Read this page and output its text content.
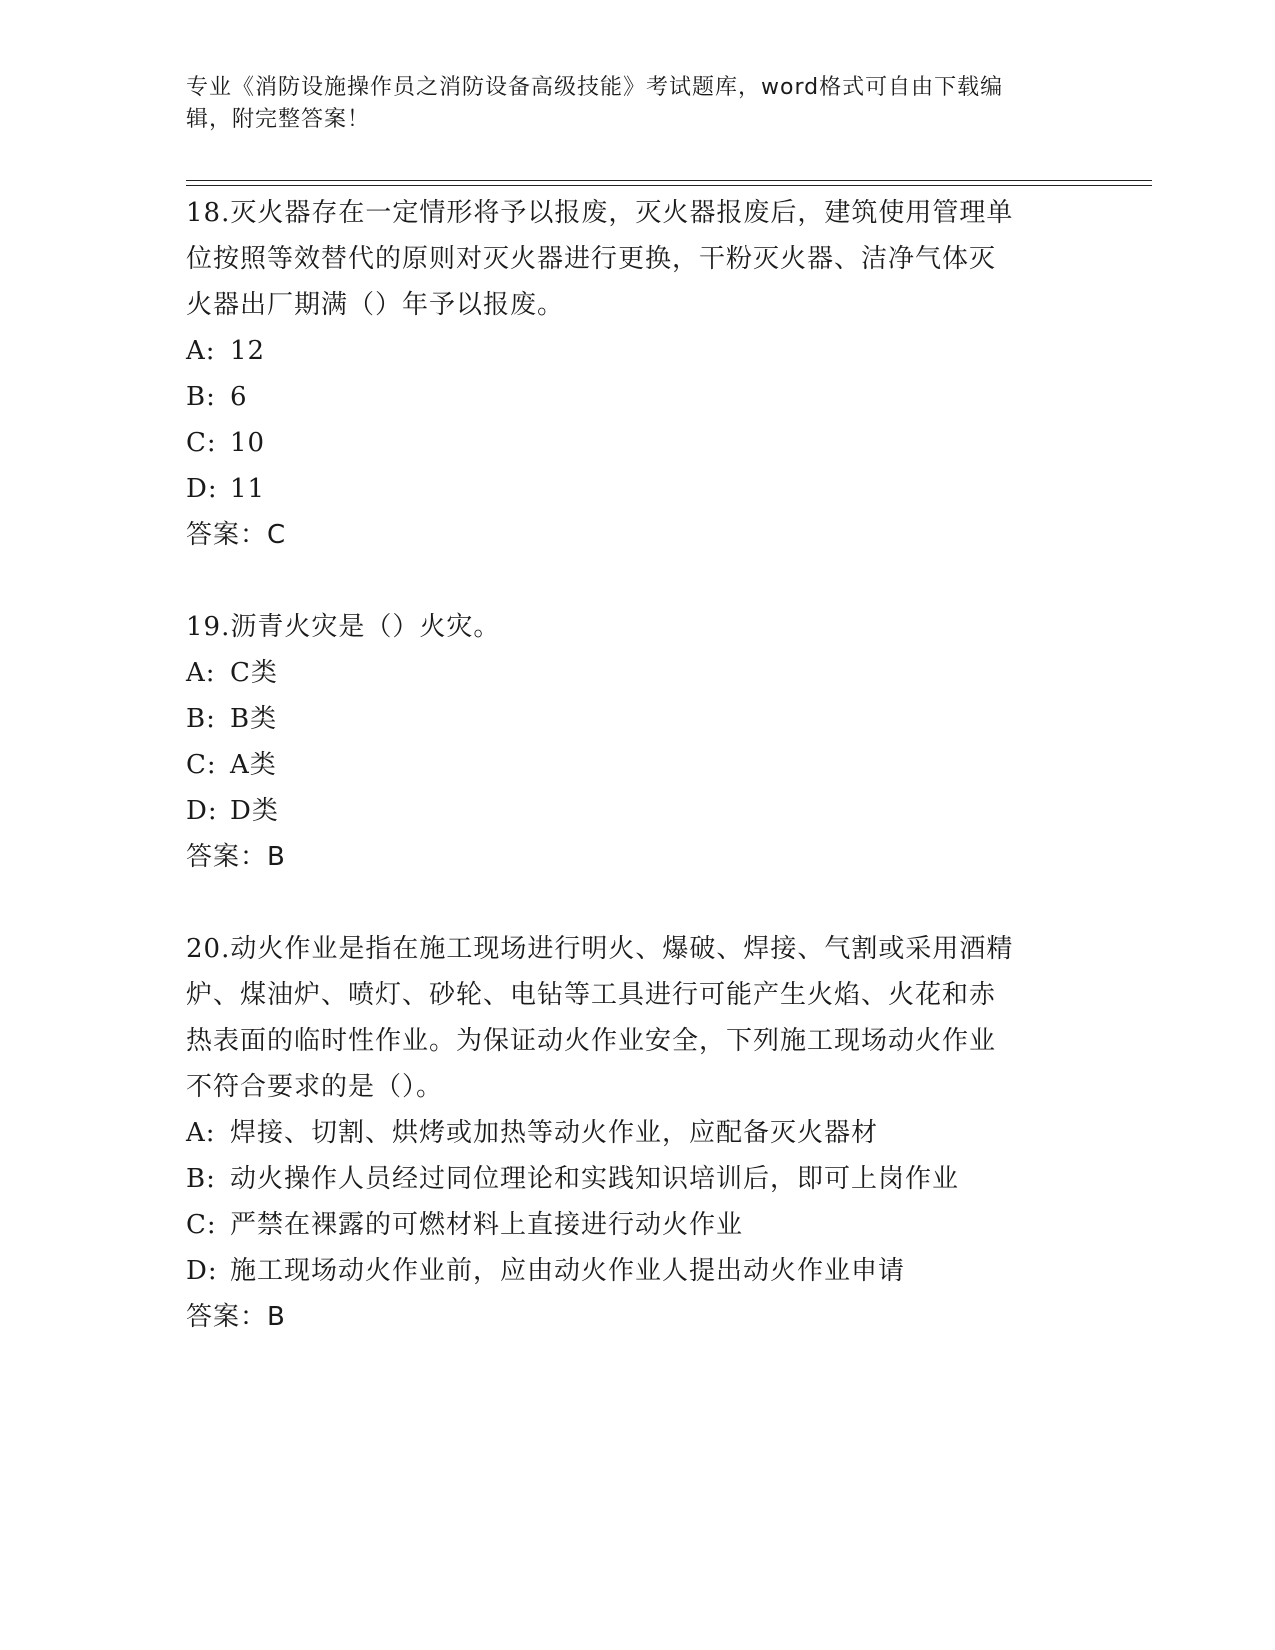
专业《消防设施操作员之消防设备高级技能》考试题库，word格式可自由下载编
辑，附完整答案！
18.灭火器存在一定情形将予以报废，灭火器报废后，建筑使用管理单
位按照等效替代的原则对灭火器进行更换，干粉灭火器、洁净气体灭
火器出厂期满（）年予以报废。
A: 12
B: 6
C: 10
D: 11
答案：C
19.沥青火灾是（）火灾。
A: C类
B: B类
C: A类
D: D类
答案：B
20.动火作业是指在施工现场进行明火、爆破、焊接、气割或采用酒精
炉、煤油炉、喷灯、砂轮、电钻等工具进行可能产生火焰、火花和赤
热表面的临时性作业。为保证动火作业安全，下列施工现场动火作业
不符合要求的是（）。
A: 焊接、切割、烘烤或加热等动火作业，应配备灭火器材
B: 动火操作人员经过同位理论和实践知识培训后，即可上岗作业
C: 严禁在裸露的可燃材料上直接进行动火作业
D: 施工现场动火作业前，应由动火作业人提出动火作业申请
答案：B
